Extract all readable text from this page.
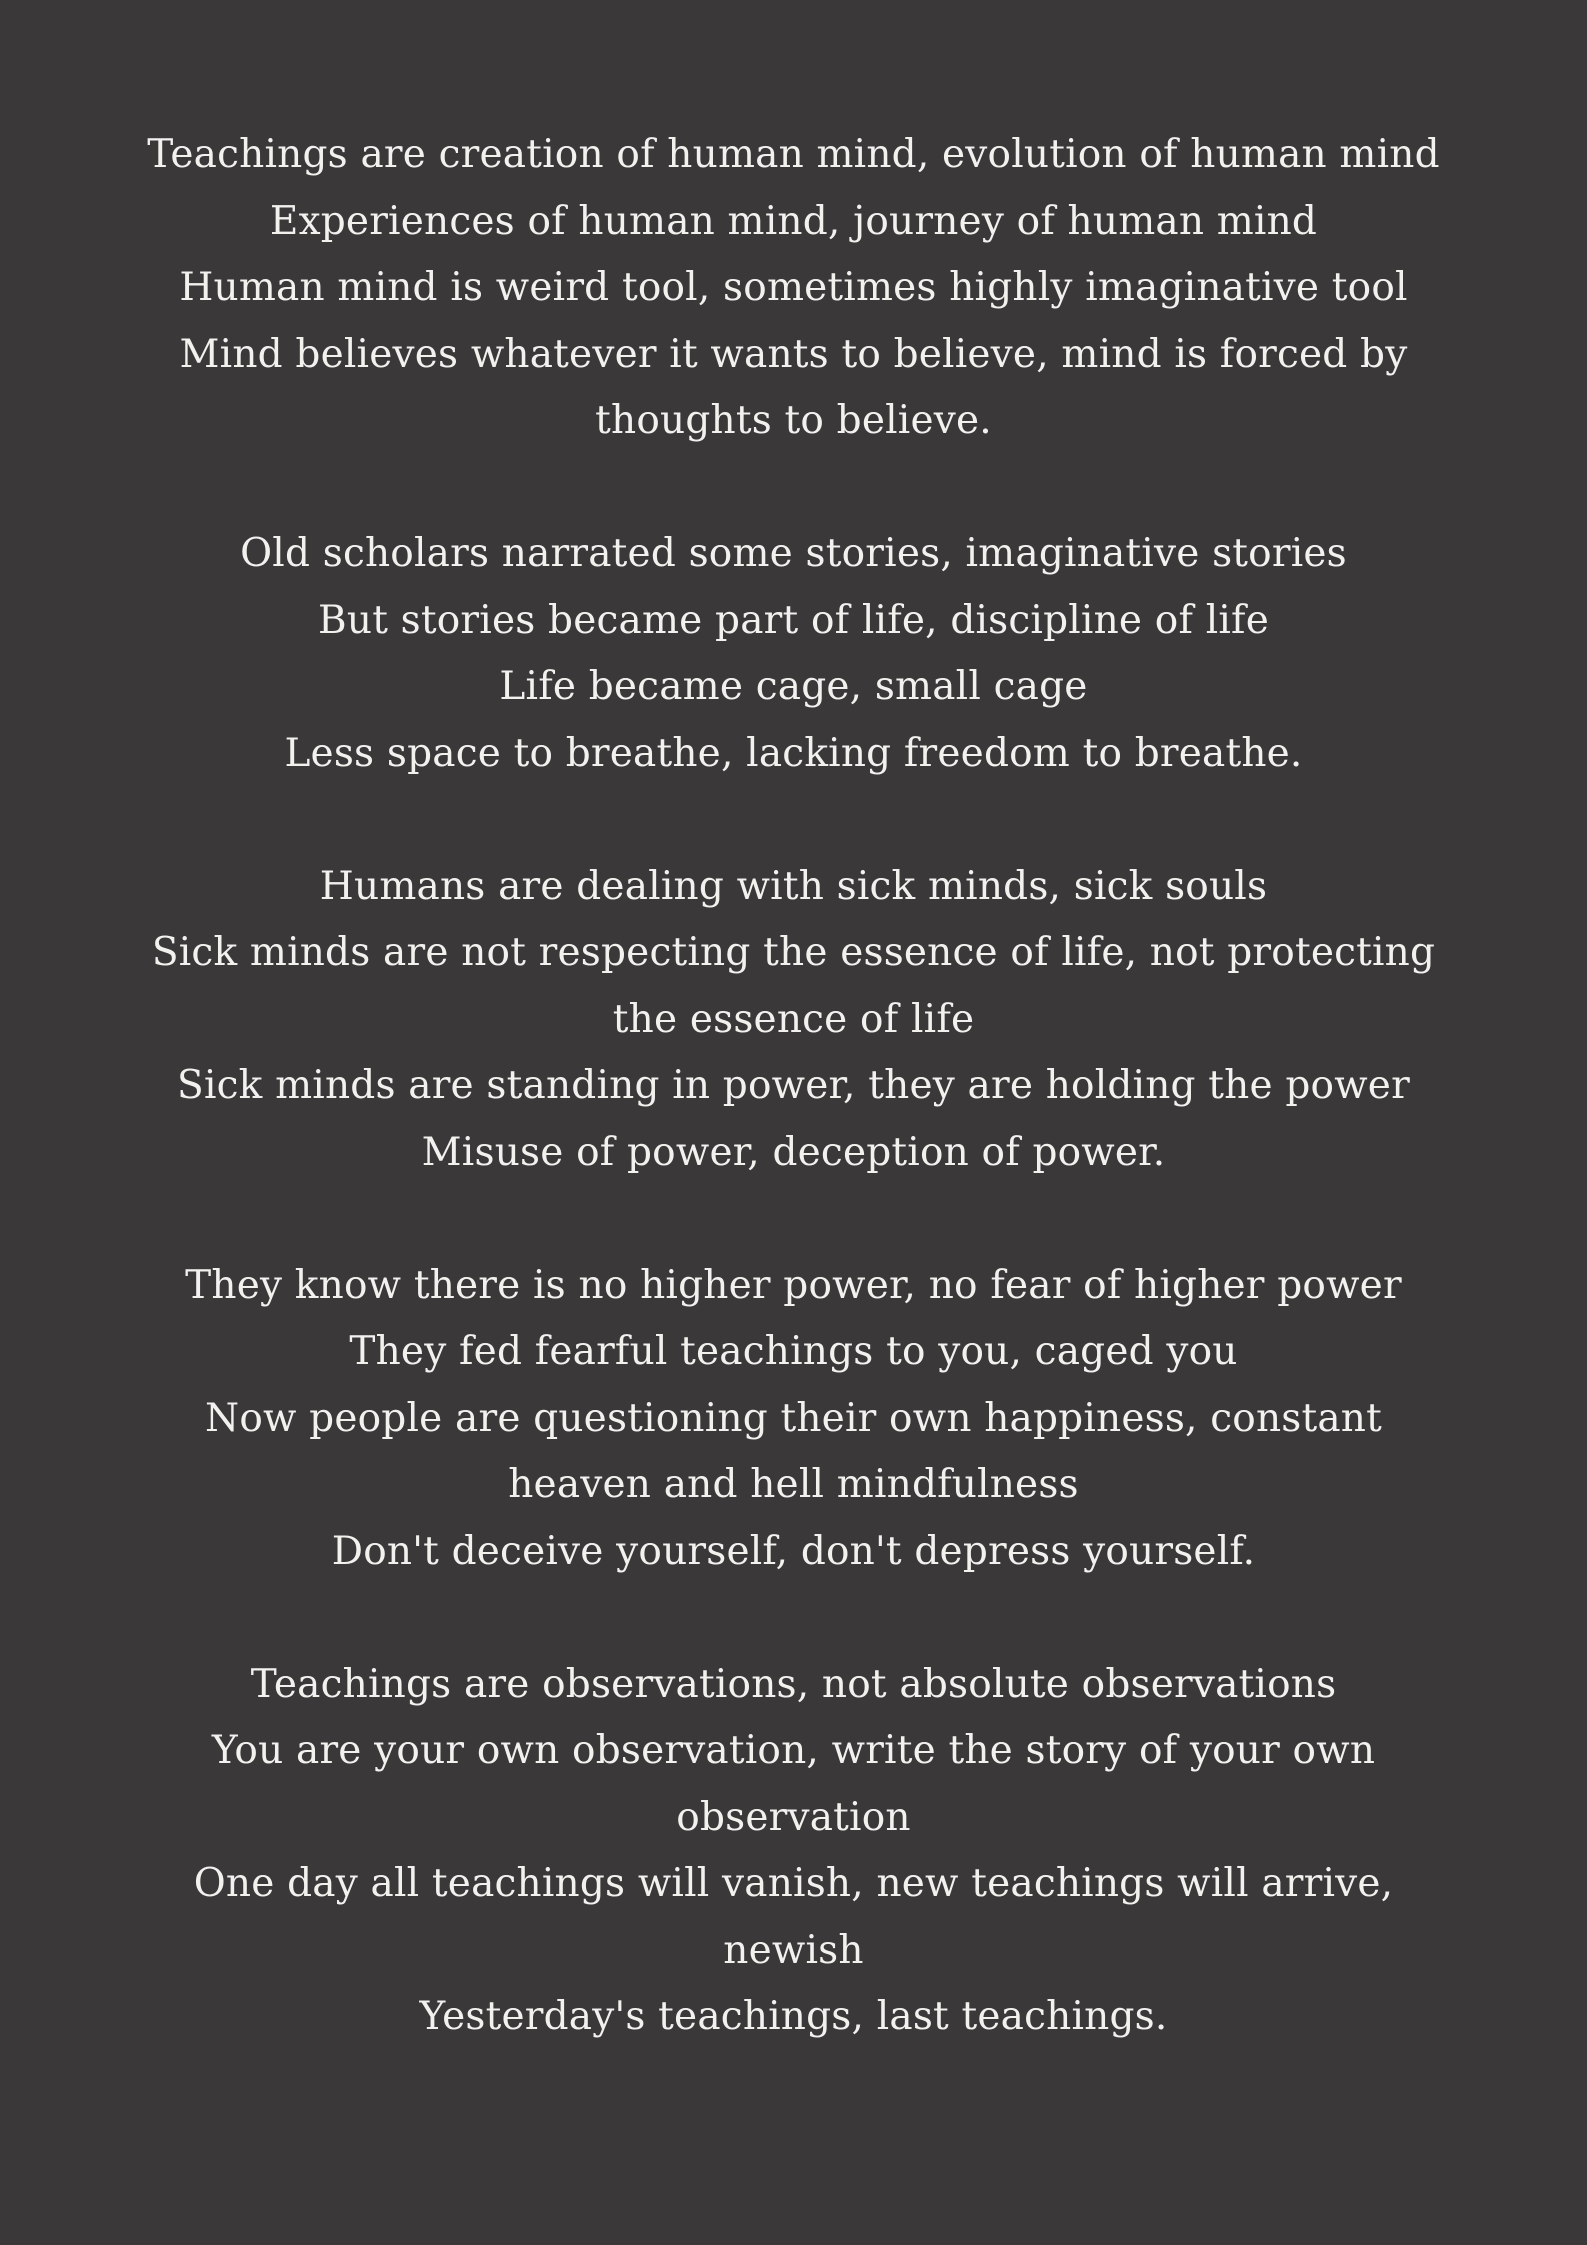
Teachings are creation of human mind, evolution of human mind
Experiences of human mind, journey of human mind
Human mind is weird tool, sometimes highly imaginative tool
Mind believes whatever it wants to believe, mind is forced by thoughts to believe.
Old scholars narrated some stories, imaginative stories
But stories became part of life, discipline of life
Life became cage, small cage
Less space to breathe, lacking freedom to breathe.
Humans are dealing with sick minds, sick souls
Sick minds are not respecting the essence of life, not protecting the essence of life
Sick minds are standing in power, they are holding the power
Misuse of power, deception of power.
They know there is no higher power, no fear of higher power
They fed fearful teachings to you, caged you
Now people are questioning their own happiness, constant heaven and hell mindfulness
Don't deceive yourself, don't depress yourself.
Teachings are observations, not absolute observations
You are your own observation, write the story of your own observation
One day all teachings will vanish, new teachings will arrive, newish
Yesterday's teachings, last teachings.
